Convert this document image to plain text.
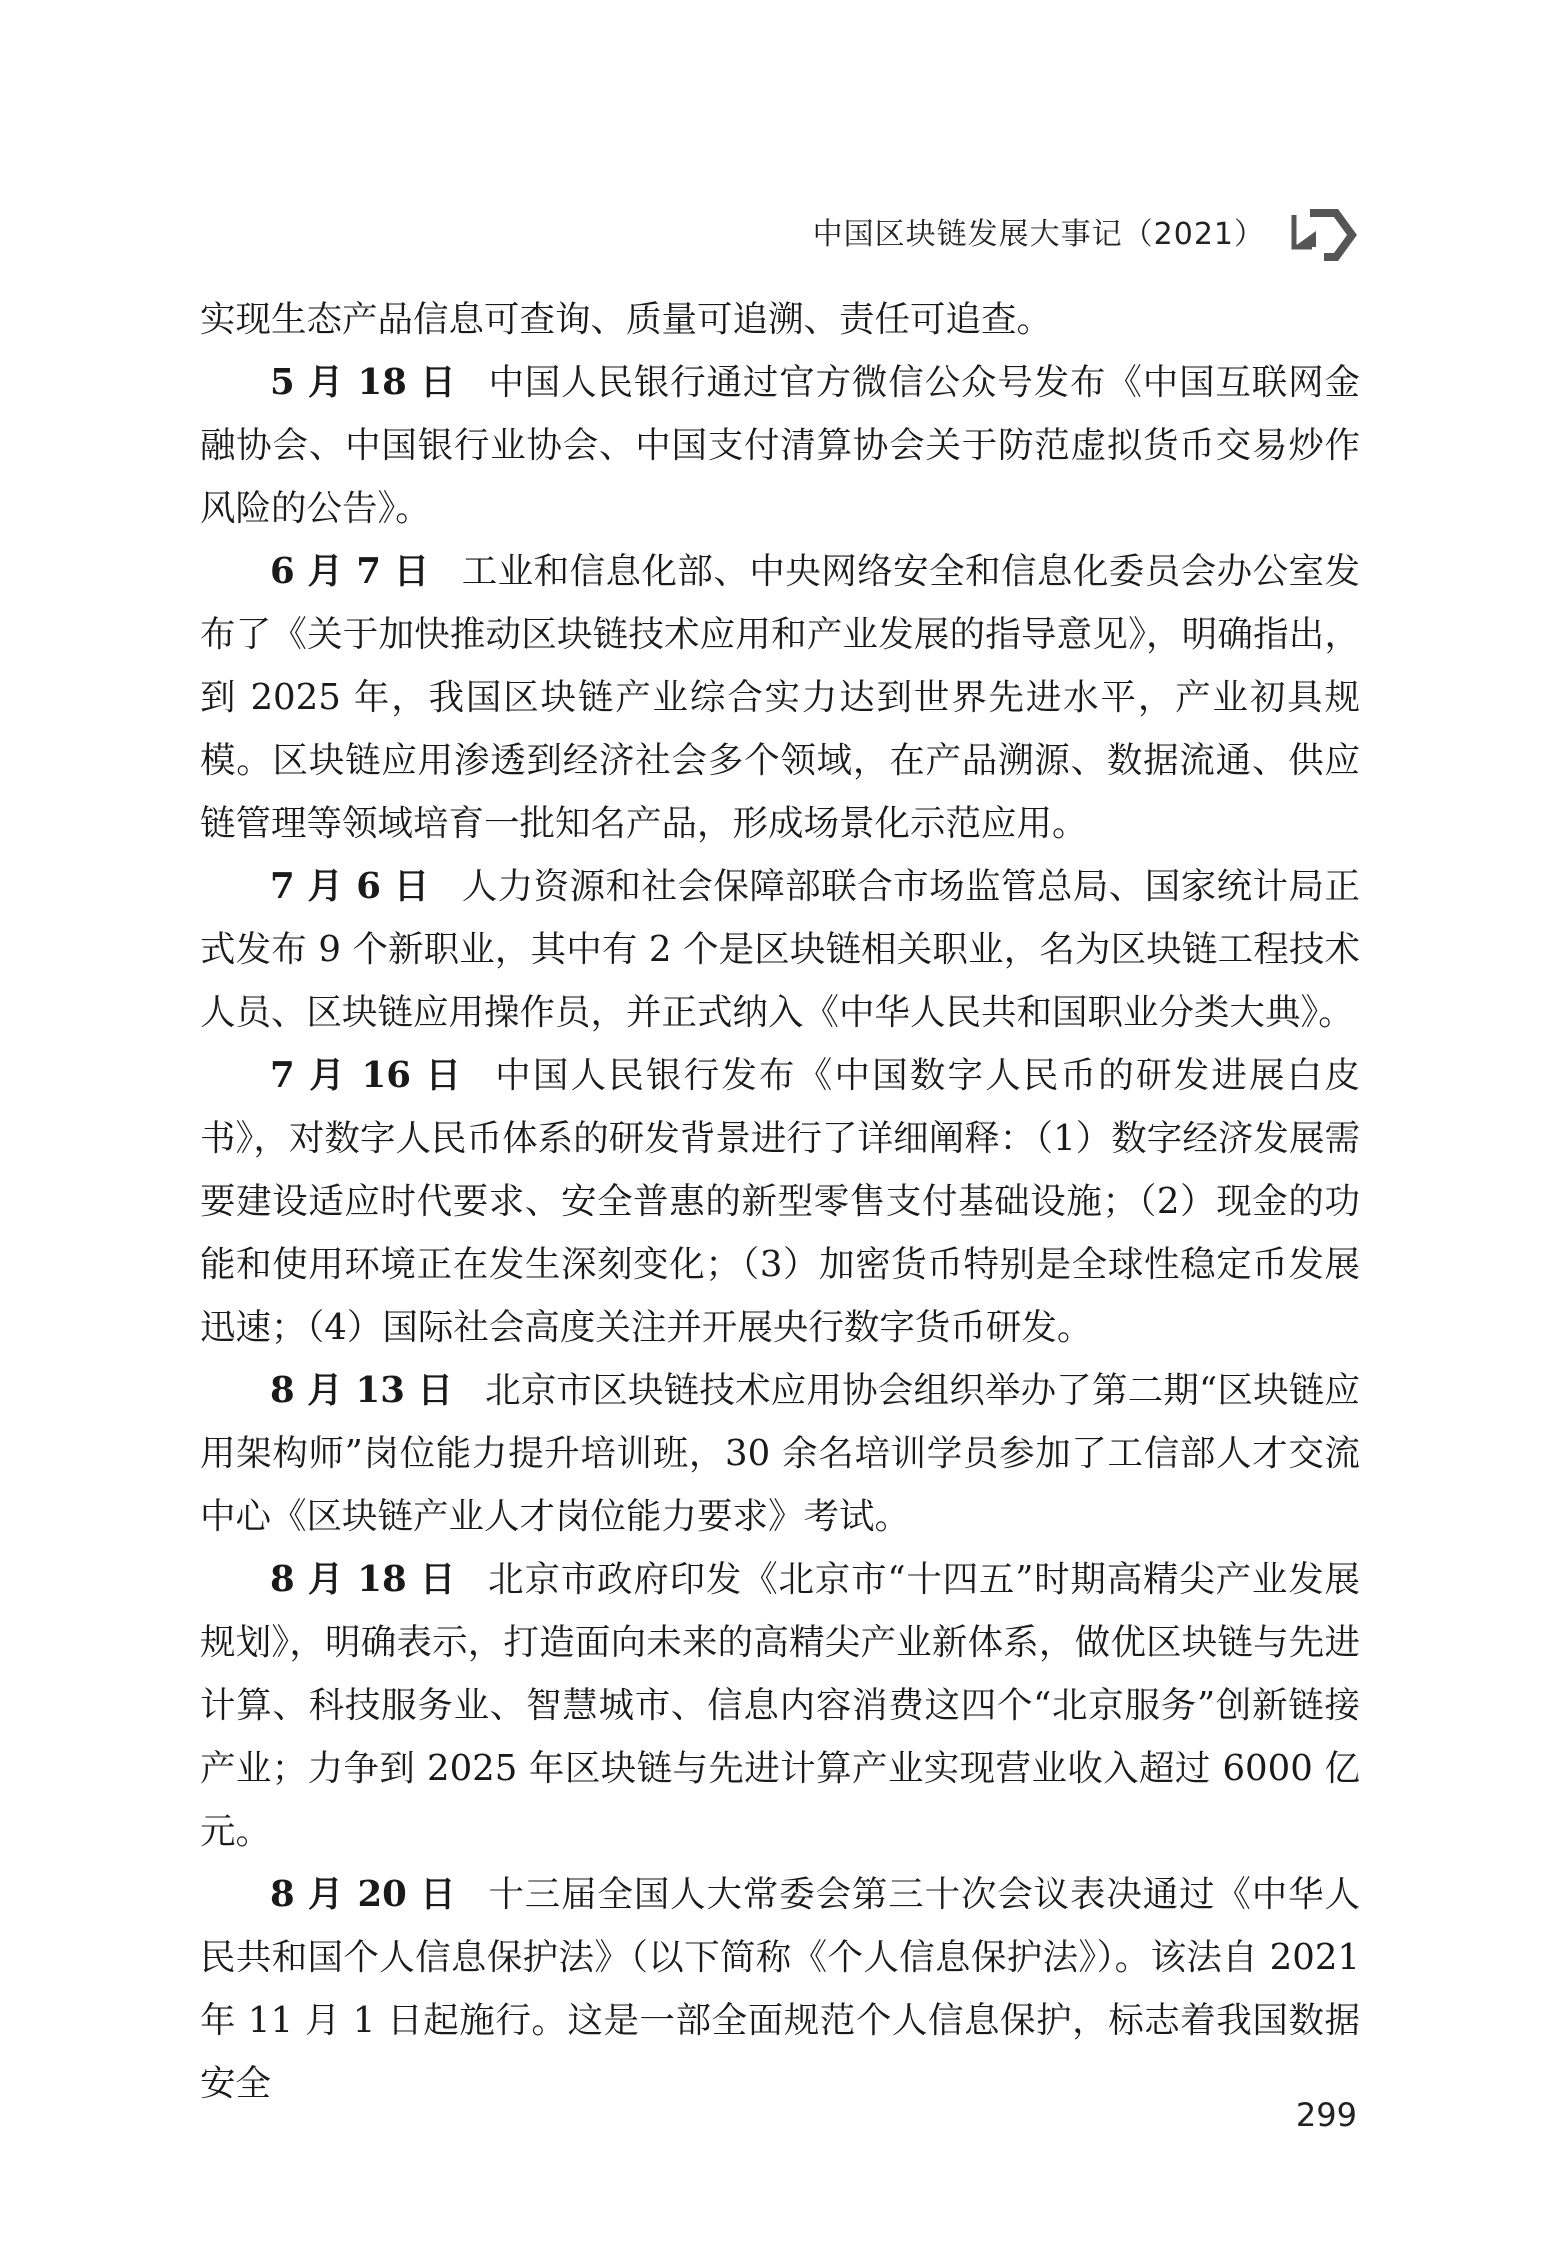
中国区块链发展大事记（2021）

实现生态产品信息可查询、质量可追溯、责任可追查。

5 月 18 日 中国人民银行通过官方微信公众号发布《中国互联网金融协会、中国银行业协会、中国支付清算协会关于防范虚拟货币交易炒作风险的公告》。

6 月 7 日 工业和信息化部、中央网络安全和信息化委员会办公室发布了《关于加快推动区块链技术应用和产业发展的指导意见》，明确指出，到 2025 年，我国区块链产业综合实力达到世界先进水平，产业初具规模。区块链应用渗透到经济社会多个领域，在产品溯源、数据流通、供应链管理等领域培育一批知名产品，形成场景化示范应用。

7 月 6 日 人力资源和社会保障部联合市场监管总局、国家统计局正式发布 9 个新职业，其中有 2 个是区块链相关职业，名为区块链工程技术人员、区块链应用操作员，并正式纳入《中华人民共和国职业分类大典》。

7 月 16 日 中国人民银行发布《中国数字人民币的研发进展白皮书》，对数字人民币体系的研发背景进行了详细阐释：（1）数字经济发展需要建设适应时代要求、安全普惠的新型零售支付基础设施；（2）现金的功能和使用环境正在发生深刻变化；（3）加密货币特别是全球性稳定币发展迅速；（4）国际社会高度关注并开展央行数字货币研发。

8 月 13 日 北京市区块链技术应用协会组织举办了第二期“区块链应用架构师”岗位能力提升培训班，30 余名培训学员参加了工信部人才交流中心《区块链产业人才岗位能力要求》考试。

8 月 18 日 北京市政府印发《北京市“十四五”时期高精尖产业发展规划》，明确表示，打造面向未来的高精尖产业新体系，做优区块链与先进计算、科技服务业、智慧城市、信息内容消费这四个“北京服务”创新链接产业；力争到 2025 年区块链与先进计算产业实现营业收入超过 6000 亿元。

8 月 20 日 十三届全国人大常委会第三十次会议表决通过《中华人民共和国个人信息保护法》（以下简称《个人信息保护法》）。该法自 2021 年 11 月 1 日起施行。这是一部全面规范个人信息保护，标志着我国数据安全

299
